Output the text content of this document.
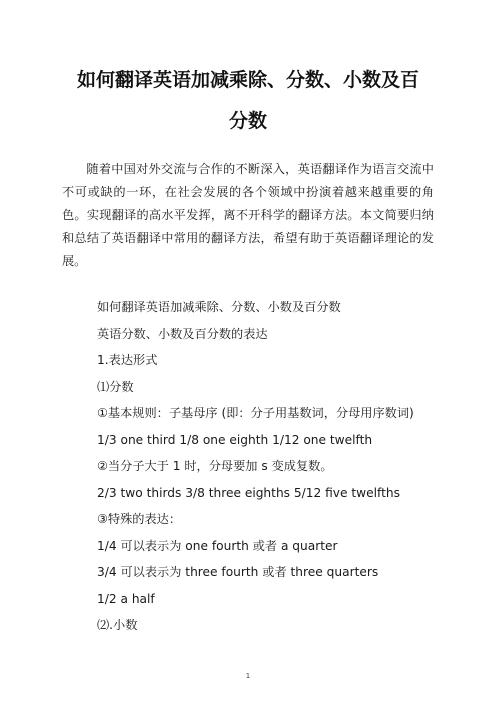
如何翻译英语加减乘除、分数、小数及百
分数

随着中国对外交流与合作的不断深入，英语翻译作为语言交流中不可或缺的一环，在社会发展的各个领域中扮演着越来越重要的角色。实现翻译的高水平发挥，离不开科学的翻译方法。本文简要归纳和总结了英语翻译中常用的翻译方法，希望有助于英语翻译理论的发展。

如何翻译英语加减乘除、分数、小数及百分数

英语分数、小数及百分数的表达

1.表达形式

⑴分数

①基本规则：子基母序 (即：分子用基数词，分母用序数词)

1/3 one third 1/8 one eighth 1/12 one twelfth

②当分子大于 1 时，分母要加 s 变成复数。

2/3 two thirds 3/8 three eighths 5/12 five twelfths

③特殊的表达：

1/4 可以表示为 one fourth 或者 a quarter

3/4 可以表示为 three fourth 或者 three quarters

1/2 a half

⑵.小数

1
